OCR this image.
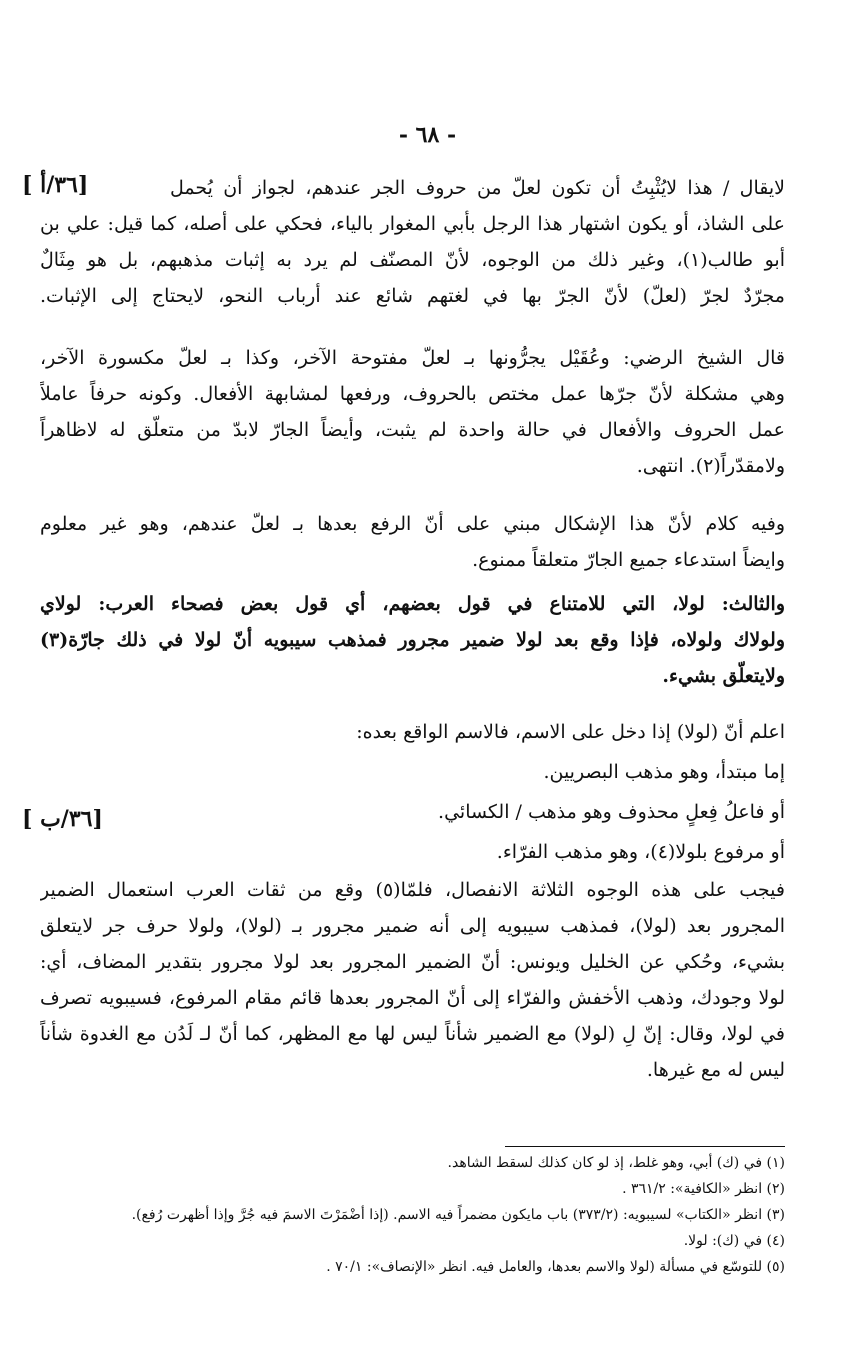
- ٦٨ -
[ ٣٦/أ]
[ ٣٦/ب]
لايقال / هذا لايُثْبِتُ أن تكون لعلّ من حروف الجر عندهم، لجواز أن يُحمل
على الشاذ، أو يكون اشتهار هذا الرجل بأبي المغوار بالياء، فحكي على أصله، كما قيل: علي بن
أبو طالب(١)، وغير ذلك من الوجوه، لأنّ المصنّف لم يرد به إثبات مذهبهم، بل هو مِثَالٌ
مجرّدٌ لجرّ (لعلّ) لأنّ الجرّ بها في لغتهم شائع عند أرباب النحو، لايحتاج إلى الإثبات.
قال الشيخ الرضي: وعُقَيْل يجرُّونها بـ لعلّ مفتوحة الآخر، وكذا بـ لعلّ مكسورة الآخر،
وهي مشكلة لأنّ جرّها عمل مختص بالحروف، ورفعها لمشابهة الأفعال. وكونه حرفاً عاملاً
عمل الحروف والأفعال في حالة واحدة لم يثبت، وأيضاً الجارّ لابدّ من متعلّق له لاظاهراً
ولامقدّراً(٢). انتهى.
وفيه كلام لأنّ هذا الإشكال مبني على أنّ الرفع بعدها بـ لعلّ عندهم، وهو غير معلوم
وايضاً استدعاء جميع الجارّ متعلقاً ممنوع.
والثالث: لولا، التي للامتناع في قول بعضهم، أي قول بعض فصحاء العرب: لولاي
ولولاك ولولاه، فإذا وقع بعد لولا ضمير مجرور فمذهب سيبويه أنّ لولا في ذلك جارّة(٣)
ولايتعلّق بشيء.
اعلم أنّ (لولا) إذا دخل على الاسم، فالاسم الواقع بعده:
إما مبتدأ، وهو مذهب البصريين.
أو فاعلُ فِعلٍ محذوف وهو مذهب / الكسائي.
أو مرفوع بلولا(٤)، وهو مذهب الفرّاء.
فيجب على هذه الوجوه الثلاثة الانفصال، فلمّا(٥) وقع من ثقات العرب استعمال الضمير
المجرور بعد (لولا)، فمذهب سيبويه إلى أنه ضمير مجرور بـ (لولا)، ولولا حرف جر لايتعلق
بشيء، وحُكي عن الخليل ويونس: أنّ الضمير المجرور بعد لولا مجرور بتقدير المضاف، أي:
لولا وجودك، وذهب الأخفش والفرّاء إلى أنّ المجرور بعدها قائم مقام المرفوع، فسيبويه تصرف
في لولا، وقال: إنّ لِ (لولا) مع الضمير شأناً ليس لها مع المظهر، كما أنّ لـ لَدُن مع الغدوة شأناً
ليس له مع غيرها.
(١) في (ك) أبي، وهو غلط، إذ لو كان كذلك لسقط الشاهد.
(٢) انظر «الكافية»: ٣٦١/٢ .
(٣) انظر «الكتاب» لسيبويه: (٣٧٣/٢) باب مايكون مضمراً فيه الاسم. (إذا أضْمَرْتَ الاسمَ فيه جُرَّ وإذا أظهرت رُفع).
(٤) في (ك): لولا.
(٥) للتوسّع في مسألة (لولا والاسم بعدها، والعامل فيه. انظر «الإنصاف»: ٧٠/١ .
